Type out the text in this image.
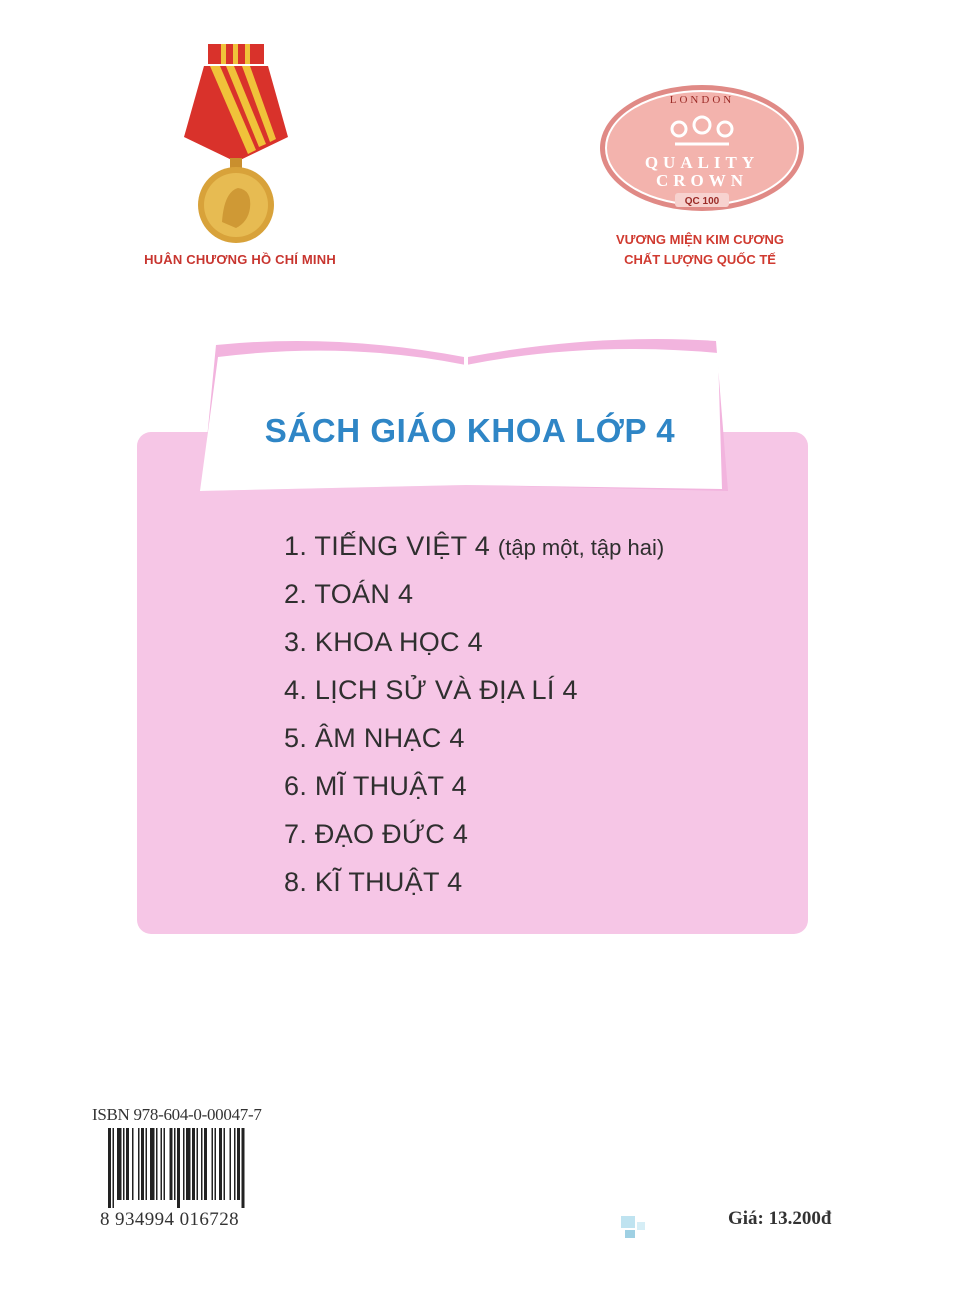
HUÂN CHƯƠNG HỒ CHÍ MINH
LONDON
QUALITY
CROWN
QC 100
VƯƠNG MIỆN KIM CƯƠNG
CHẤT LƯỢNG QUỐC TẾ
SÁCH GIÁO KHOA LỚP 4
1. TIẾNG VIỆT 4 (tập một, tập hai)
2. TOÁN 4
3. KHOA HỌC 4
4. LỊCH SỬ VÀ ĐỊA LÍ 4
5. ÂM NHẠC 4
6. MĨ THUẬT 4
7. ĐẠO ĐỨC 4
8. KĨ THUẬT 4
ISBN 978-604-0-00047-7
8 934994 016728	Giá: 13.200đ
